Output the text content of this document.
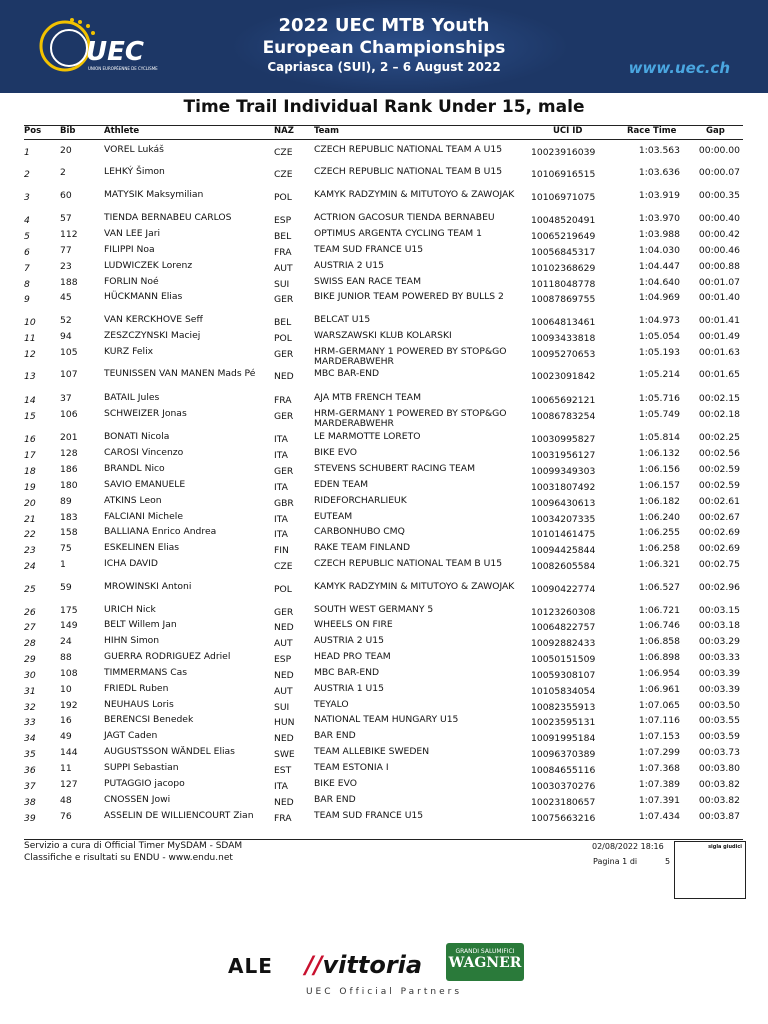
UEC
UNION EUROPÉENNE DE CYCLISME
2022 UEC MTB Youth
European Championships
Capriasca (SUI), 2 – 6 August 2022	www.uec.ch
Time Trail Individual Rank Under 15, male
Pos Bib	Athlete	NAZ Team	UCI ID	Race Time	Gap
1	20	VOREL Lukáš	CZE CZECH REPUBLIC NATIONAL TEAM A U15	10023916039	1:03.563	00:00.00
2	2	LEHKÝ Šimon	CZE CZECH REPUBLIC NATIONAL TEAM B U15	10106916515	1:03.636	00:00.07
3	60	MATYSIK Maksymilian	POL KAMYK RADZYMIN & MITUTOYO & ZAWOJAK	10106971075	1:03.919	00:00.35
4	57	TIENDA BERNABEU CARLOS	ESP ACTRION GACOSUR TIENDA BERNABEU	10048520491	1:03.970	00:00.40
5	112	VAN LEE Jari	BEL OPTIMUS ARGENTA CYCLING TEAM 1	10065219649	1:03.988	00:00.42
6	77	FILIPPI Noa	FRA TEAM SUD FRANCE U15	10056845317	1:04.030	00:00.46
7	23	LUDWICZEK Lorenz	AUT AUSTRIA 2 U15	10102368629	1:04.447	00:00.88
8	188	FORLIN Noé	SUI	SWISS EAN RACE TEAM	10118048778	1:04.640	00:01.07
9	45	HÜCKMANN Elias	GER BIKE JUNIOR TEAM POWERED BY BULLS 2	10087869755	1:04.969	00:01.40
10	52	VAN KERCKHOVE Seff	BEL BELCAT U15	10064813461	1:04.973	00:01.41
11	94	ZESZCZYNSKI Maciej	POL WARSZAWSKI KLUB KOLARSKI	10093433818	1:05.054	00:01.49
12	105	KURZ Felix	GER HRM-GERMANY 1 POWERED BY STOP&GO MARDERABWEHR
10095270653	1:05.193	00:01.63
13	107	TEUNISSEN VAN MANEN Mads Pé	NED MBC BAR-END	10023091842	1:05.214	00:01.65
14	37	BATAIL Jules	FRA AJA MTB FRENCH TEAM	10065692121	1:05.716	00:02.15
15	106	SCHWEIZER Jonas	GER HRM-GERMANY 1 POWERED BY STOP&GO MARDERABWEHR
10086783254	1:05.749	00:02.18
16	201	BONATI Nicola	ITA	LE MARMOTTE LORETO	10030995827	1:05.814	00:02.25
17	128	CAROSI Vincenzo	ITA	BIKE EVO	10031956127	1:06.132	00:02.56
18	186	BRANDL Nico	GER STEVENS SCHUBERT RACING TEAM	10099349303	1:06.156	00:02.59
19	180	SAVIO EMANUELE	ITA	EDEN TEAM	10031807492	1:06.157	00:02.59
20	89	ATKINS Leon	GBR RIDEFORCHARLIEUK	10096430613	1:06.182	00:02.61
21	183	FALCIANI Michele	ITA	EUTEAM	10034207335	1:06.240	00:02.67
22	158	BALLIANA Enrico Andrea	ITA	CARBONHUBO CMQ	10101461475	1:06.255	00:02.69
23	75	ESKELINEN Elias	FIN	RAKE TEAM FINLAND	10094425844	1:06.258	00:02.69
24	1	ICHA DAVID	CZE CZECH REPUBLIC NATIONAL TEAM B U15	10082605584	1:06.321	00:02.75
25	59	MROWINSKI Antoni	POL KAMYK RADZYMIN & MITUTOYO & ZAWOJAK	10090422774	1:06.527	00:02.96
26	175	URICH Nick	GER SOUTH WEST GERMANY 5	10123260308	1:06.721	00:03.15
27	149	BELT Willem Jan	NED WHEELS ON FIRE	10064822757	1:06.746	00:03.18
28	24	HIHN Simon	AUT AUSTRIA 2 U15	10092882433	1:06.858	00:03.29
29	88	GUERRA RODRIGUEZ Adriel	ESP HEAD PRO TEAM	10050151509	1:06.898	00:03.33
30	108	TIMMERMANS Cas	NED MBC BAR-END	10059308107	1:06.954	00:03.39
31	10	FRIEDL Ruben	AUT AUSTRIA 1 U15	10105834054	1:06.961	00:03.39
32	192	NEUHAUS Loris	SUI	TEYALO	10082355913	1:07.065	00:03.50
33	16	BERENCSI Benedek	HUN NATIONAL TEAM HUNGARY U15	10023595131	1:07.116	00:03.55
34	49	JAGT Caden	NED BAR END	10091995184	1:07.153	00:03.59
35	144	AUGUSTSSON WÄNDEL Elias	SWE TEAM ALLEBIKE SWEDEN	10096370389	1:07.299	00:03.73
36	11	SUPPI Sebastian	EST TEAM ESTONIA I	10084655116	1:07.368	00:03.80
37	127	PUTAGGIO jacopo	ITA	BIKE EVO	10030370276	1:07.389	00:03.82
38	48	CNOSSEN Jowi	NED BAR END	10023180657	1:07.391	00:03.82
39	76	ASSELIN DE WILLIENCOURT Zian	FRA TEAM SUD FRANCE U15	10075663216	1:07.434	00:03.87
Servizio a cura di Official Timer MySDAM - SDAM
Classifiche e risultati su ENDU - www.endu.net
02/08/2022 18:16
Pagina 1 di	5
sigla giudici
ALE //vittoria	GRANDI SALUMIFICI
WAGNER
UEC Official Partners
